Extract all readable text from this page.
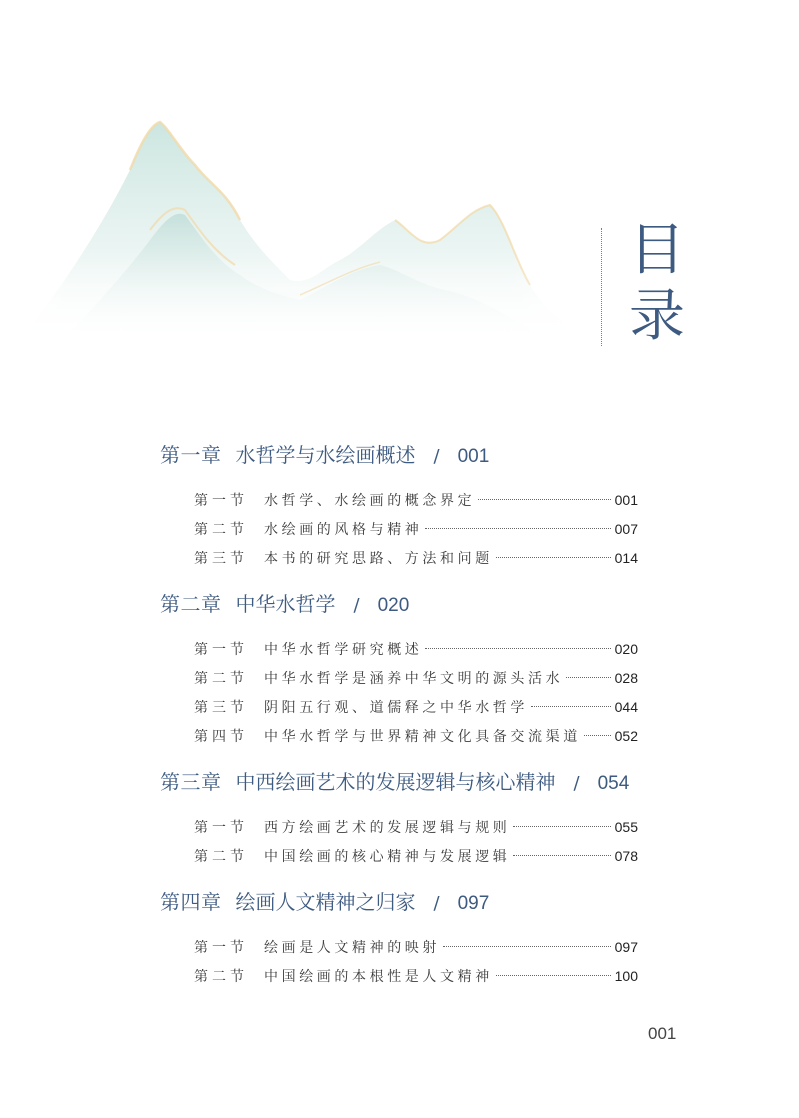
目
录
第一章 水哲学与水绘画概述 / 001
第一节	水哲学、水绘画的概念界定	001
第二节	水绘画的风格与精神	007
第三节	本书的研究思路、方法和问题	014
第二章 中华水哲学 / 020
第一节	中华水哲学研究概述	020
第二节	中华水哲学是涵养中华文明的源头活水	028
第三节	阴阳五行观、道儒释之中华水哲学	044
第四节	中华水哲学与世界精神文化具备交流渠道 052
第三章 中西绘画艺术的发展逻辑与核心精神 / 054
第一节	西方绘画艺术的发展逻辑与规则	055
第二节	中国绘画的核心精神与发展逻辑	078
第四章 绘画人文精神之归家 / 097
第一节	绘画是人文精神的映射	097
第二节	中国绘画的本根性是人文精神	100
001
